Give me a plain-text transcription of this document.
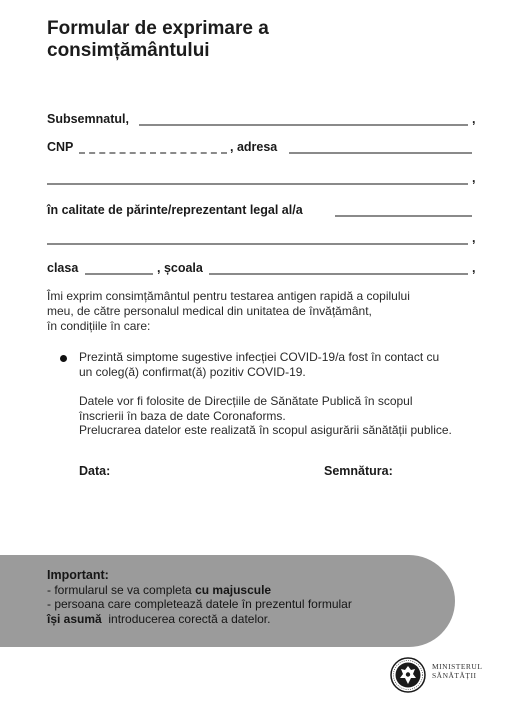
Formular de exprimare a
consimțământului
Subsemnatul,	,
CNP	, adresa
,
în calitate de părinte/reprezentant legal al/a
,
clasa	, școala	,
Îmi exprim consimțământul pentru testarea antigen rapidă a copilului
meu, de către personalul medical din unitatea de învățământ,
în condițiile în care:
Prezintă simptome sugestive infecției COVID-19/a fost în contact cu
un coleg(ă) confirmat(ă) pozitiv COVID-19.
Datele vor fi folosite de Direcțiile de Sănătate Publică în scopul
înscrierii în baza de date Coronaforms.
Prelucrarea datelor este realizată în scopul asigurării sănătății publice.
Data:	Semnătura:
Important:
- formularul se va completa cu majuscule
- persoana care completează datele în prezentul formular
își asumă  introducerea corectă a datelor.
MINISTERUL
SĂNĂTĂȚII
